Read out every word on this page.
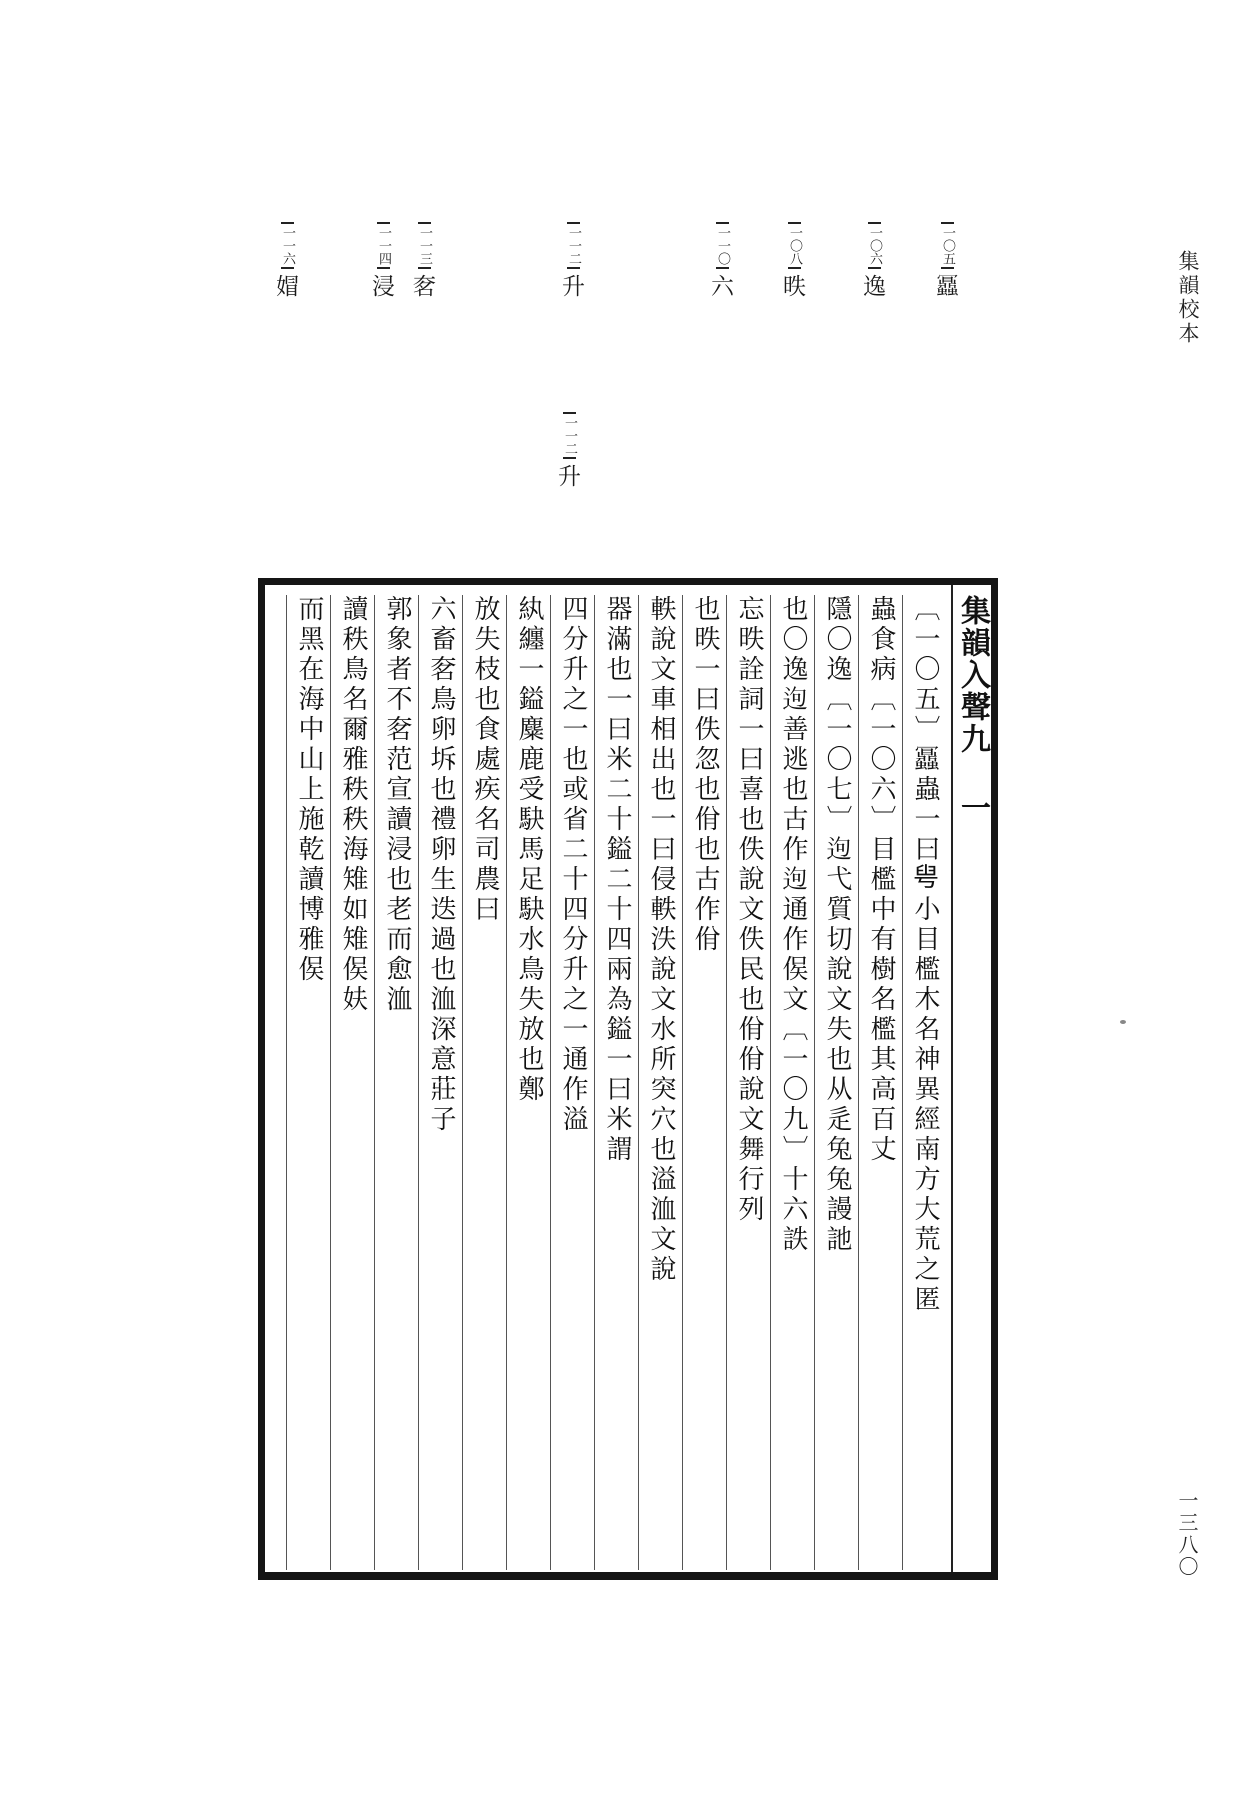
集韻校本
一三八〇
一〇五
𧖅
一〇六
逸
一〇八
昳
一一〇
六
一一二
升
一一三
㚚
一一四
浸
一一六
媢
一一二
升
集韻入聲九 一
〔一〇五〕𧖅蟲一曰𦥚小目檻木名神異經南方大荒之匿
蟲食病〔一〇六〕目檻中有樹名檻其高百丈
隱〇逸〔一〇七〕𨒡弋質切說文失也从辵兔兔謾訑
也〇逸𨒡善逃也古作𨒡通作㑨文〔一〇九〕十六詄
忘昳詮詞一曰喜也佚說文佚民也佾佾說文舞行列
也昳一曰佚忽也佾也古作佾
軼說文車相出也一曰侵軼泆說文水所突穴也溢洫文說
器滿也一曰米二十鎰二十四兩為鎰一曰米謂
四分升之一也或省二十四分升之一通作溢
紈纏一鎰麋鹿受駃馬足駃水鳥失放也鄭
放失枝也食處疾名司農曰
六畜㚚鳥卵坼也禮卵生迭過也洫深意莊子
郭象者不㚚范宣讀浸也老而愈洫
讀秩鳥名爾雅秩秩海雉如雉㑨妋
而黑在海中山上施乾讀博雅㑨
